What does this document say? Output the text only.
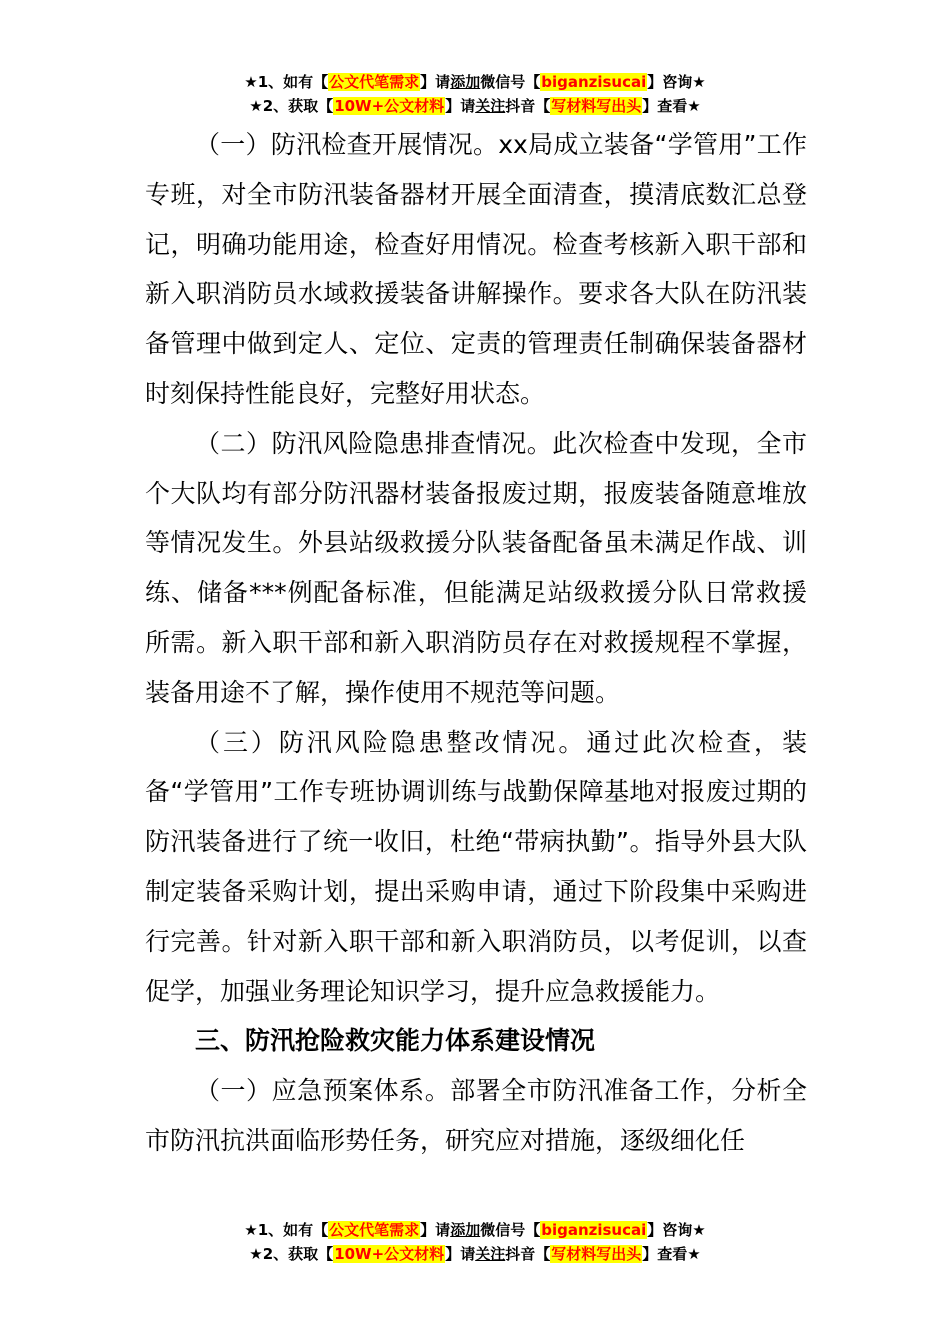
★1、如有【公文代笔需求】请添加微信号【biganzisucai】咨询★
★2、获取【10W+公文材料】请关注抖音【写材料写出头】查看★

（一）防汛检查开展情况。xx局成立装备“学管用”工作专班，对全市防汛装备器材开展全面清查，摸清底数汇总登记，明确功能用途，检查好用情况。检查考核新入职干部和新入职消防员水域救援装备讲解操作。要求各大队在防汛装备管理中做到定人、定位、定责的管理责任制确保装备器材时刻保持性能良好，完整好用状态。

（二）防汛风险隐患排查情况。此次检查中发现，全市个大队均有部分防汛器材装备报废过期，报废装备随意堆放等情况发生。外县站级救援分队装备配备虽未满足作战、训练、储备***例配备标准，但能满足站级救援分队日常救援所需。新入职干部和新入职消防员存在对救援规程不掌握，装备用途不了解，操作使用不规范等问题。

（三）防汛风险隐患整改情况。通过此次检查，装备“学管用”工作专班协调训练与战勤保障基地对报废过期的防汛装备进行了统一收旧，杜绝“带病执勤”。指导外县大队制定装备采购计划，提出采购申请，通过下阶段集中采购进行完善。针对新入职干部和新入职消防员，以考促训，以查促学，加强业务理论知识学习，提升应急救援能力。

三、防汛抢险救灾能力体系建设情况

（一）应急预案体系。部署全市防汛准备工作，分析全市防汛抗洪面临形势任务，研究应对措施，逐级细化任

★1、如有【公文代笔需求】请添加微信号【biganzisucai】咨询★
★2、获取【10W+公文材料】请关注抖音【写材料写出头】查看★
